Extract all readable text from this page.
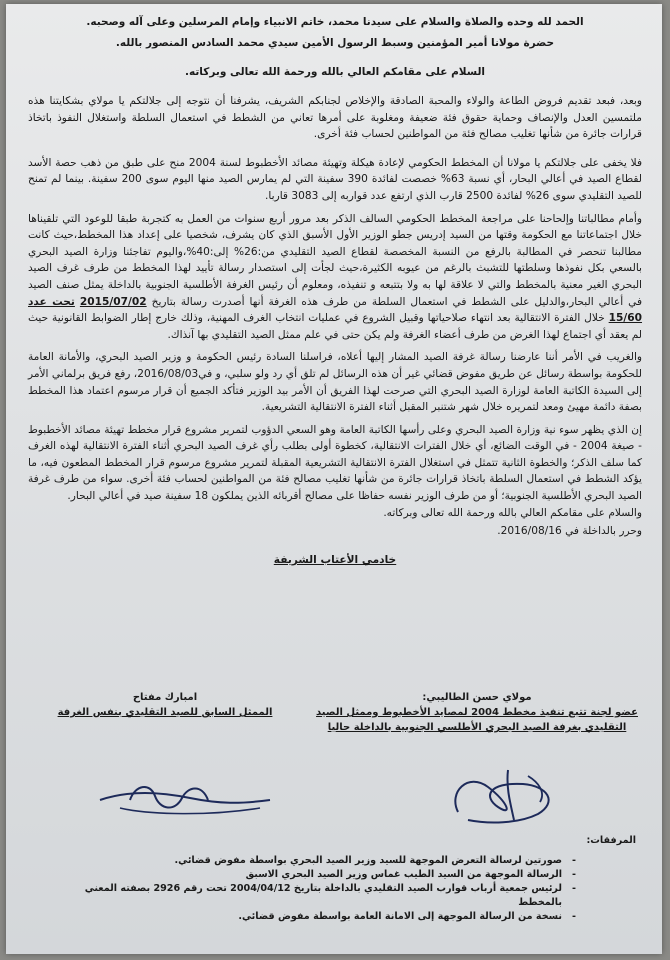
الحمد لله وحده والصلاة والسلام على سيدنا محمد، خاتم الانبياء وإمام المرسلين وعلى آله وصحبه.

حضرة مولانا أمير المؤمنين وسبط الرسول الأمين سيدي محمد السادس المنصور بالله.

السلام على مقامكم العالي بالله ورحمة الله تعالى وبركاته.

وبعد، فبعد تقديم فروض الطاعة والولاء والمحبة الصادقة والإخلاص لجنابكم الشريف، يشرفنا أن نتوجه إلى جلالتكم يا مولاي بشكايتنا هذه ملتمسين العدل والإنصاف وحماية حقوق فئة ضعيفة ومغلوبة على أمرها تعاني من الشطط في استعمال السلطة واستغلال النفوذ باتخاذ قرارات جائرة من شأنها تغليب مصالح فئة من المواطنين لحساب فئة أخرى.

فلا يخفى على جلالتكم يا مولانا أن المخطط الحكومي لإعادة هيكلة وتهيئة مصائد الأخطبوط لسنة 2004 منح على طبق من ذهب حصة الأسد لقطاع الصيد في أعالي البحار، أي نسبة 63% خصصت لفائدة 390 سفينة التي لم يمارس الصيد منها اليوم سوى 200 سفينة. بينما لم تمنح للصيد التقليدي سوى 26% لفائدة 2500 قارب الذي ارتفع عدد قواربه إلى 3083 قاربا.

وأمام مطالباتنا وإلحاحنا على مراجعة المخطط الحكومي السالف الذكر بعد مرور أربع سنوات من العمل به كتجربة طبقا للوعود التي تلقيناها خلال اجتماعاتنا مع الحكومة وقتها من السيد إدريس جطو الوزير الأول الأسبق الذي كان يشرف، شخصيا على إعداد هذا المخطط،حيث كانت مطالبنا تنحصر في المطالبة بالرفع من النسبة المخصصة لقطاع الصيد التقليدي من:26% إلى:40%،واليوم تفاجئنا وزارة الصيد البحري بالسعي بكل نفوذها وسلطتها للتشبث بالرغم من عيوبه الكثيرة،حيث لجأت إلى استصدار رسالة تأييد لهذا المخطط من طرف غرف الصيد البحري الغير معنية بالمخطط والتي لا علاقة لها به ولا بتتبعه و تنفيذه، ومعلوم أن رئيس الغرفة الأطلسية الجنوبية بالداخلة يمثل صنف الصيد في أعالي البحار،والدليل على الشطط في استعمال السلطة من طرف هذه الغرفة أنها أصدرت رسالة بتاريخ 2015/07/02 تحت عدد 15/60 خلال الفترة الانتقالية بعد انتهاء صلاحياتها وقبيل الشروع في عمليات انتخاب الغرف المهنية، وذلك خارج إطار الضوابط القانونية حيث لم يعقد أي اجتماع لهذا الغرض من طرف أعضاء الغرفة ولم يكن حتى في علم ممثل الصيد التقليدي بها آنذاك.

والغريب في الأمر أننا عارضنا رسالة غرفة الصيد المشار إليها أعلاه، فراسلنا السادة رئيس الحكومة و وزير الصيد البحري، والأمانة العامة للحكومة بواسطة رسائل عن طريق مفوض قضائي غير أن هذه الرسائل لم تلق أي رد ولو سلبي، و في2016/08/03، رفع فريق برلماني الأمر إلى السيدة الكاتبة العامة لوزارة الصيد البحري التي صرحت لهذا الفريق أن الأمر بيد الوزير فتأكد الجميع أن قرار مرسوم اعتماد هذا المخطط بصفة دائمة مهيئ ومعد لتمريره خلال شهر شتنبر المقبل أثناء الفترة الانتقالية التشريعية.

إن الذي يظهر سوء نية وزارة الصيد البحري وعلى رأسها الكاتبة العامة وهو السعي الدؤوب لتمرير مشروع قرار مخطط تهيئة مصائد الأخطبوط - صيغة 2004 - في الوقت الضائع، أي خلال الفترات الانتقالية، كخطوة أولى بطلب رأي غرف الصيد البحري أثناء الفترة الانتقالية لهذه الغرف كما سلف الذكر؛ والخطوة الثانية تتمثل في استغلال الفترة الانتقالية التشريعية المقبلة لتمرير مشروع مرسوم قرار المخطط المطعون فيه، ما يؤكد الشطط في استعمال السلطة باتخاذ قرارات جائرة من شأنها تغليب مصالح فئة من المواطنين لحساب فئة أخرى. سواء من طرف غرفة الصيد البحري الأطلسية الجنوبية؛ أو من طرف الوزير نفسه حفاظا على مصالح أقربائه الذين يملكون 18 سفينة صيد في أعالي البحار.

والسلام على مقامكم العالي بالله ورحمة الله تعالى وبركاته.

وحرر بالداخلة في 2016/08/16.

خادمي الأعتاب الشريفة

مولاي حسن الطاليبي:
عضو لجنة تتبع تنفيذ مخطط 2004 لمصايد الأخطبوط وممثل الصيد
التقليدي بغرفة الصيد البحري الأطلسي الجنوبية بالداخلة حاليا
امبارك مفتاح
الممثل السابق للصيد التقليدي بنفس الغرفة
المرفقات:
- صورتين لرسالة التعرض الموجهة للسيد وزير الصيد البحري بواسطة مفوض قضائي.
- الرسالة الموجهة من السيد الطيب غماس وزير الصيد البحري الاسبق
- لرئيس جمعية أرباب قوارب الصيد التقليدي بالداخلة بتاريخ 2004/04/12 تحت رقم 2926 بصفته المعني بالمخطط
- نسخة من الرسالة الموجهة إلى الامانة العامة بواسطة مفوض قضائي.
